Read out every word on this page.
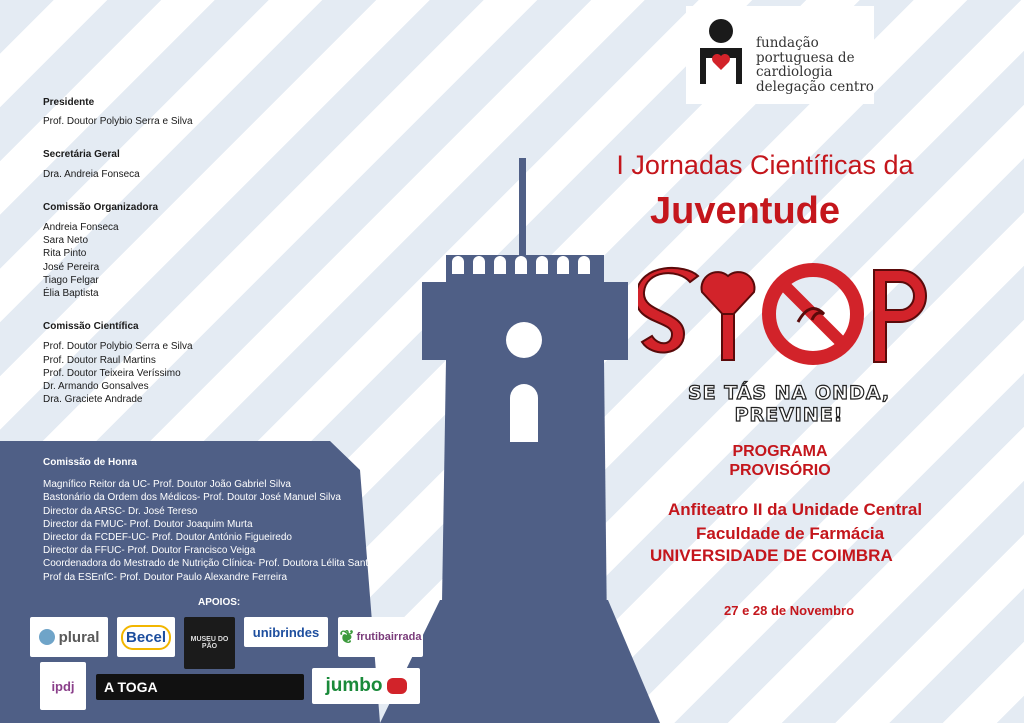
Presidente

Prof. Doutor Polybio Serra e Silva

Secretária Geral

Dra. Andreia Fonseca

Comissão Organizadora

Andreia Fonseca
Sara Neto
Rita Pinto
José Pereira
Tiago Felgar
Élia Baptista

Comissão Científica

Prof. Doutor Polybio Serra e Silva
Prof. Doutor Raul Martins
Prof. Doutor Teixeira Veríssimo
Dr. Armando Gonsalves
Dra. Graciete Andrade

Comissão de Honra

Magnífico Reitor da UC- Prof. Doutor João Gabriel Silva
Bastonário da Ordem dos Médicos- Prof. Doutor José Manuel Silva
Director da ARSC- Dr. José Tereso
Director da FMUC- Prof. Doutor Joaquim Murta
Director da FCDEF-UC- Prof. Doutor António Figueiredo
Director da FFUC- Prof. Doutor Francisco Veiga
Coordenadora do Mestrado de Nutrição Clínica- Prof. Doutora Lélita Santos
Prof da ESEnfC- Prof. Doutor Paulo Alexandre Ferreira
APOIOS:
plural	Becel	MUSEU DO PÃO
unibrindes ❦ frutibairrada
ipdj A TOGA	jumbo
fundação
portuguesa de
cardiologia
delegação centro
I Jornadas Científicas da
Juventude
SE TÁS NA ONDA, PREVINE!
PROGRAMA
PROVISÓRIO
Anfiteatro II da Unidade Central
Faculdade de Farmácia
UNIVERSIDADE DE COIMBRA
27 e 28 de Novembro
